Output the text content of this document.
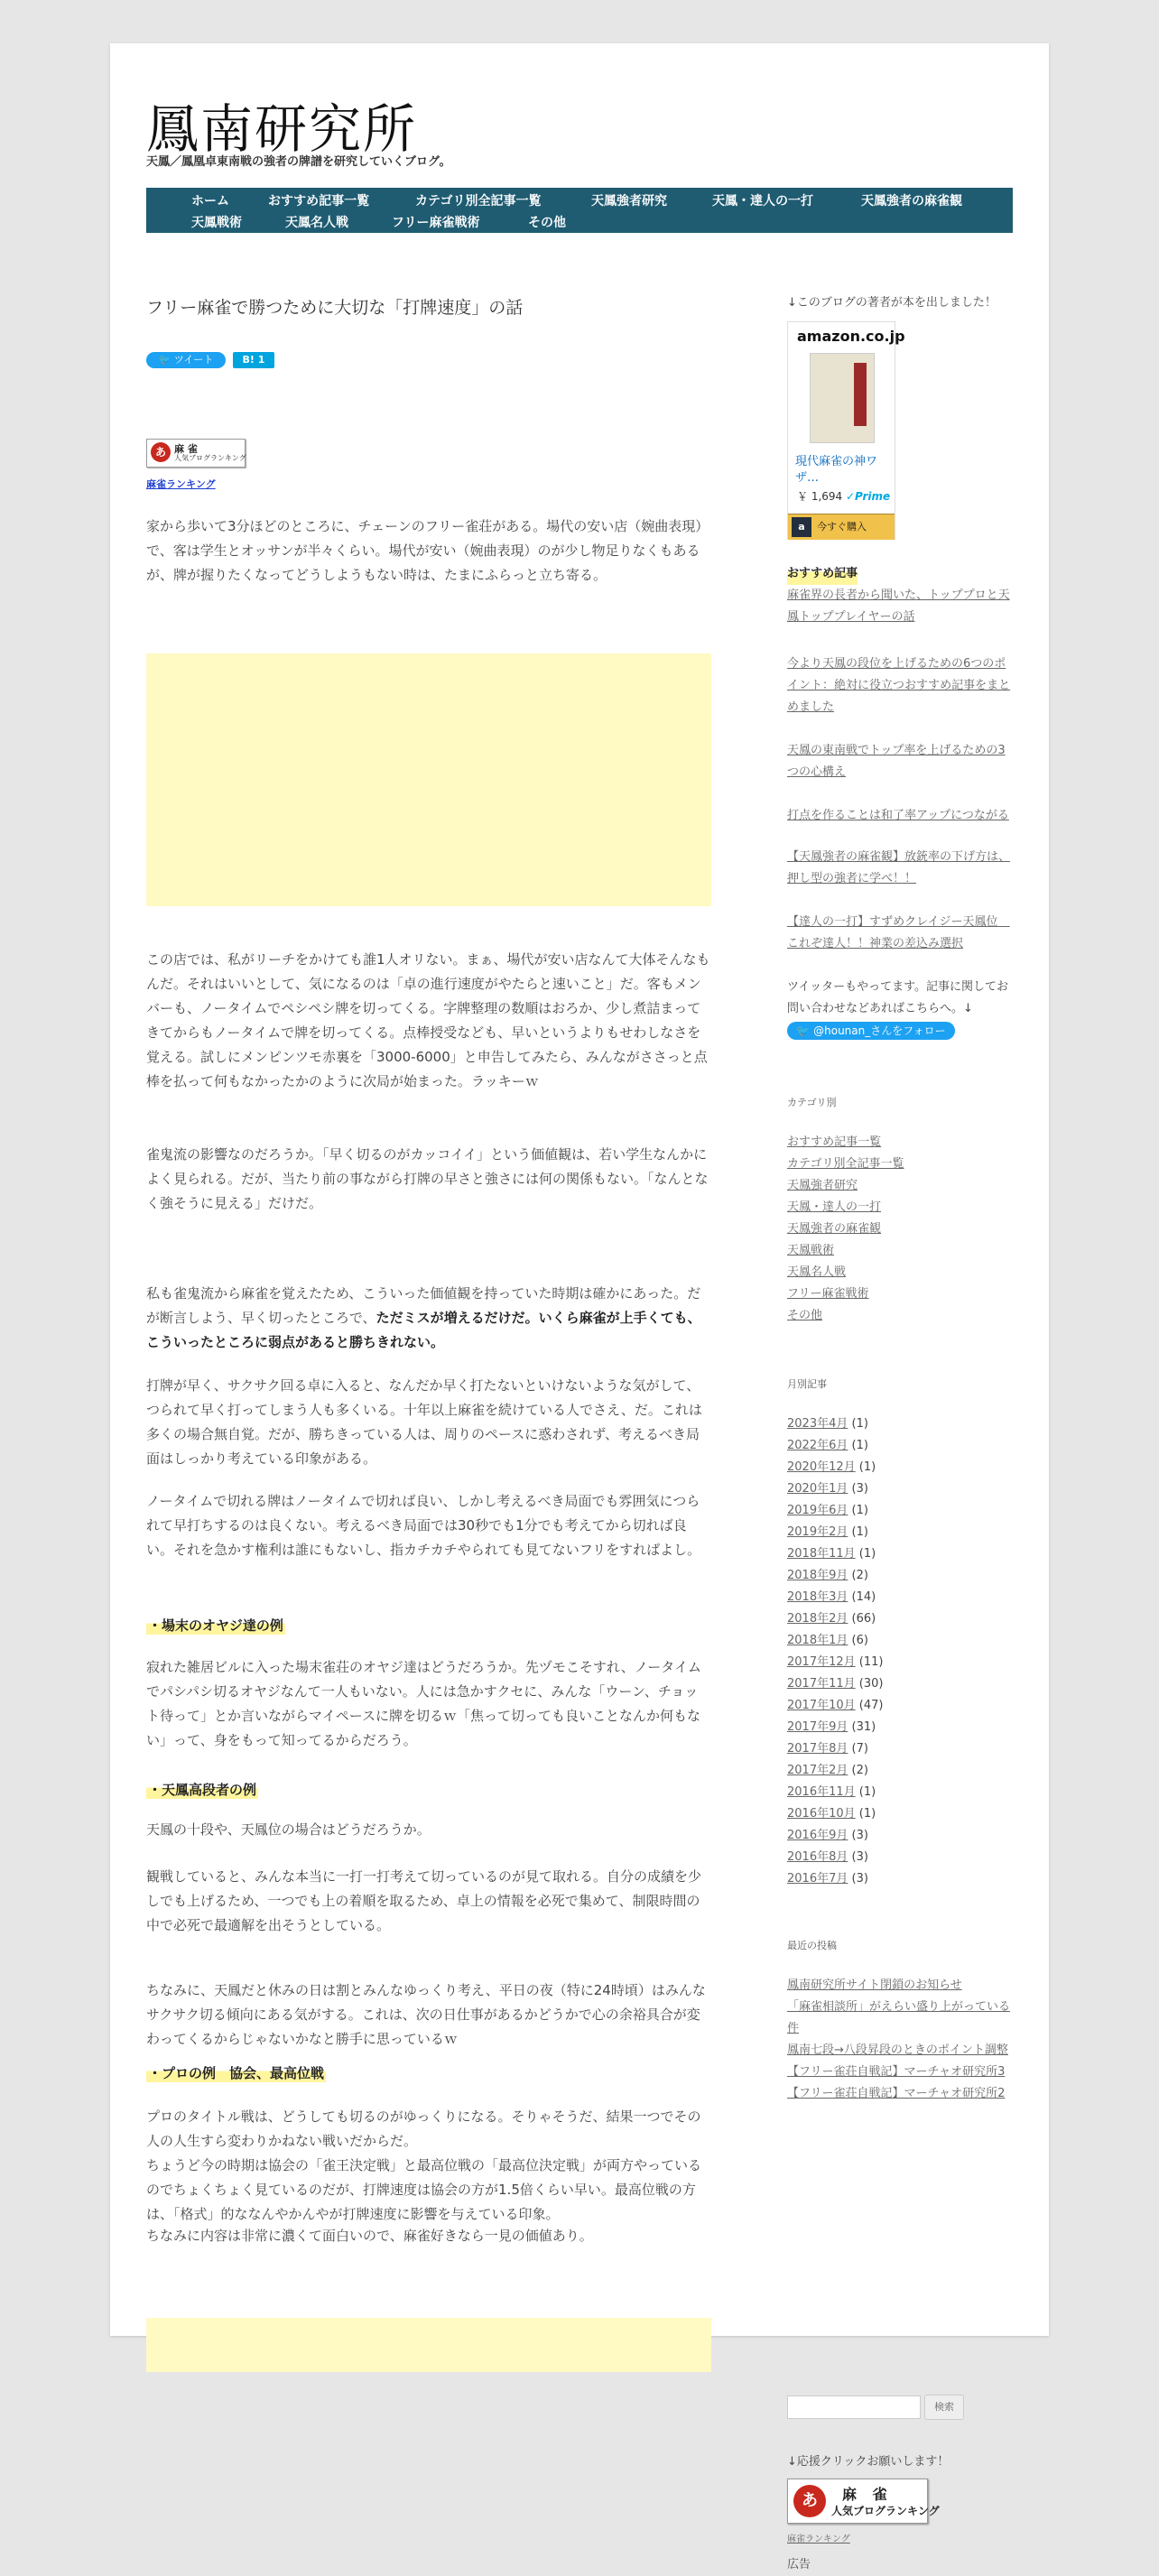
鳳南研究所

天鳳／鳳凰卓東南戦の強者の牌譜を研究していくブログ。

ホーム	おすすめ記事一覧	カテゴリ別全記事一覧	天鳳強者研究	天鳳・達人の一打	天鳳強者の麻雀観
天鳳戦術	天鳳名人戦	フリー麻雀戦術	その他
フリー麻雀で勝つために大切な「打牌速度」の話
🐦 ツイート	B! 1
あ 麻 雀
人気ブログランキング
麻雀ランキング

家から歩いて3分ほどのところに、チェーンのフリー雀荘がある。場代の安い店（婉曲表現）で、客は学生とオッサンが半々くらい。場代が安い（婉曲表現）のが少し物足りなくもあるが、牌が握りたくなってどうしようもない時は、たまにふらっと立ち寄る。

この店では、私がリーチをかけても誰1人オリない。まぁ、場代が安い店なんて大体そんなもんだ。それはいいとして、気になるのは「卓の進行速度がやたらと速いこと」だ。客もメンバーも、ノータイムでペシペシ牌を切ってくる。字牌整理の数順はおろか、少し煮詰まってきてからもノータイムで牌を切ってくる。点棒授受なども、早いというよりもせわしなさを覚える。試しにメンピンツモ赤裏を「3000-6000」と申告してみたら、みんながささっと点棒を払って何もなかったかのように次局が始まった。ラッキーｗ

雀鬼流の影響なのだろうか。「早く切るのがカッコイイ」という価値観は、若い学生なんかによく見られる。だが、当たり前の事ながら打牌の早さと強さには何の関係もない。「なんとなく強そうに見える」だけだ。

私も雀鬼流から麻雀を覚えたため、こういった価値観を持っていた時期は確かにあった。だが断言しよう、早く切ったところで、ただミスが増えるだけだ。いくら麻雀が上手くても、こういったところに弱点があると勝ちきれない。

打牌が早く、サクサク回る卓に入ると、なんだか早く打たないといけないような気がして、つられて早く打ってしまう人も多くいる。十年以上麻雀を続けている人でさえ、だ。これは多くの場合無自覚。だが、勝ちきっている人は、周りのペースに惑わされず、考えるべき局面はしっかり考えている印象がある。

ノータイムで切れる牌はノータイムで切れば良い、しかし考えるべき局面でも雰囲気につられて早打ちするのは良くない。考えるべき局面では30秒でも1分でも考えてから切れば良い。それを急かす権利は誰にもないし、指カチカチやられても見てないフリをすればよし。

・場末のオヤジ達の例

寂れた雑居ビルに入った場末雀荘のオヤジ達はどうだろうか。先ヅモこそすれ、ノータイムでパシパシ切るオヤジなんて一人もいない。人には急かすクセに、みんな「ウーン、チョット待って」とか言いながらマイペースに牌を切るｗ「焦って切っても良いことなんか何もない」って、身をもって知ってるからだろう。

・天鳳高段者の例

天鳳の十段や、天鳳位の場合はどうだろうか。

観戦していると、みんな本当に一打一打考えて切っているのが見て取れる。自分の成績を少しでも上げるため、一つでも上の着順を取るため、卓上の情報を必死で集めて、制限時間の中で必死で最適解を出そうとしている。

ちなみに、天鳳だと休みの日は割とみんなゆっくり考え、平日の夜（特に24時頃）はみんなサクサク切る傾向にある気がする。これは、次の日仕事があるかどうかで心の余裕具合が変わってくるからじゃないかなと勝手に思っているｗ

・プロの例　協会、最高位戦

プロのタイトル戦は、どうしても切るのがゆっくりになる。そりゃそうだ、結果一つでその人の人生すら変わりかねない戦いだからだ。

ちょうど今の時期は協会の「雀王決定戦」と最高位戦の「最高位決定戦」が両方やっているのでちょくちょく見ているのだが、打牌速度は協会の方が1.5倍くらい早い。最高位戦の方は、「格式」的ななんやかんやが打牌速度に影響を与えている印象。

ちなみに内容は非常に濃くて面白いので、麻雀好きなら一見の価値あり。

↓このブログの著者が本を出しました！

amazon.co.jp
現代麻雀の神ワザ…
￥ 1,694 ✓Prime
a 今すぐ購入

おすすめ記事

麻雀界の長者から聞いた、トッププロと天鳳トッププレイヤーの話

今より天鳳の段位を上げるための6つのポイント：絶対に役立つおすすめ記事をまとめました

天鳳の東南戦でトップ率を上げるための3つの心構え

打点を作ることは和了率アップにつながる

【天鳳強者の麻雀観】放銃率の下げ方は、押し型の強者に学べ！！

【達人の一打】すずめクレイジー天鳳位　これぞ達人！！神業の差込み選択

ツイッターもやってます。記事に関してお問い合わせなどあればこちらへ。↓

🐦 @hounan_さんをフォロー

カテゴリ別

おすすめ記事一覧

カテゴリ別全記事一覧

天鳳強者研究

天鳳・達人の一打

天鳳強者の麻雀観

天鳳戦術

天鳳名人戦

フリー麻雀戦術

その他

月別記事

2023年4月 (1)

2022年6月 (1)

2020年12月 (1)

2020年1月 (3)

2019年6月 (1)

2019年2月 (1)

2018年11月 (1)

2018年9月 (2)

2018年3月 (14)

2018年2月 (66)

2018年1月 (6)

2017年12月 (11)

2017年11月 (30)

2017年10月 (47)

2017年9月 (31)

2017年8月 (7)

2017年2月 (2)

2016年11月 (1)

2016年10月 (1)

2016年9月 (3)

2016年8月 (3)

2016年7月 (3)

最近の投稿

鳳南研究所サイト閉鎖のお知らせ

「麻雀相談所」がえらい盛り上がっている件

鳳南七段→八段昇段のときのポイント調整

【フリー雀荘自戦記】マーチャオ研究所3

【フリー雀荘自戦記】マーチャオ研究所2

検索

↓応援クリックお願いします！

あ	麻 雀
人気ブログランキング

麻雀ランキング

広告
